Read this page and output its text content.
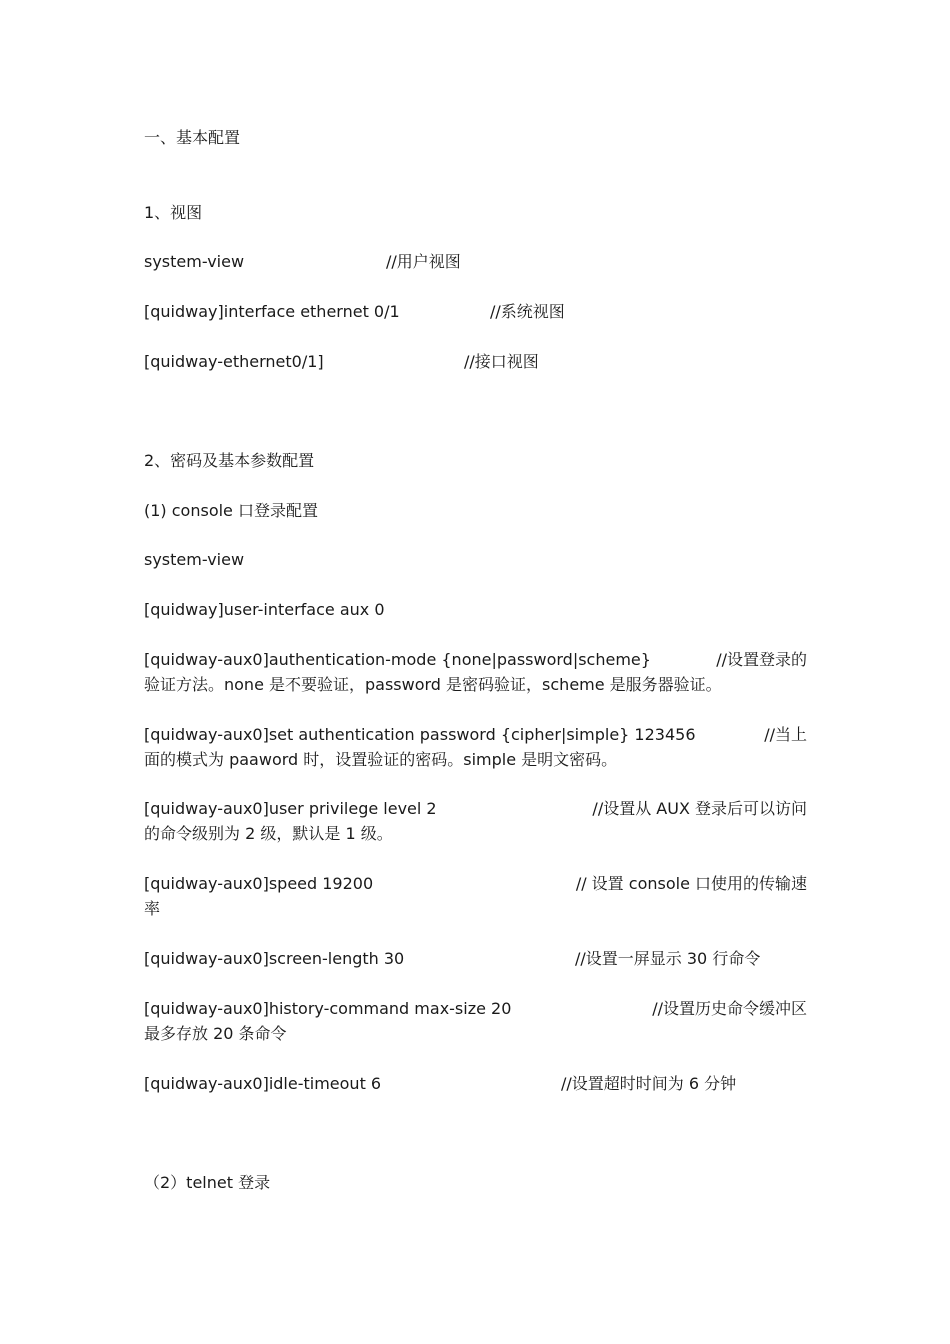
一、基本配置
1、视图
system-view	//用户视图
[quidway]interface ethernet 0/1	//系统视图
[quidway-ethernet0/1]	//接口视图
2、密码及基本参数配置
(1) console 口登录配置
system-view
[quidway]user-interface aux 0
[quidway-aux0]authentication-mode {none|password|scheme}	//设置登录的
验证方法。none 是不要验证，password 是密码验证，scheme 是服务器验证。
[quidway-aux0]set authentication password {cipher|simple} 123456	//当上
面的模式为 paaword 时，设置验证的密码。simple 是明文密码。
[quidway-aux0]user privilege level 2	//设置从 AUX 登录后可以访问
的命令级别为 2 级，默认是 1 级。
[quidway-aux0]speed 19200	// 设置 console 口使用的传输速
率
[quidway-aux0]screen-length 30	//设置一屏显示 30 行命令
[quidway-aux0]history-command max-size 20	//设置历史命令缓冲区
最多存放 20 条命令
[quidway-aux0]idle-timeout 6	//设置超时时间为 6 分钟
（2）telnet 登录
